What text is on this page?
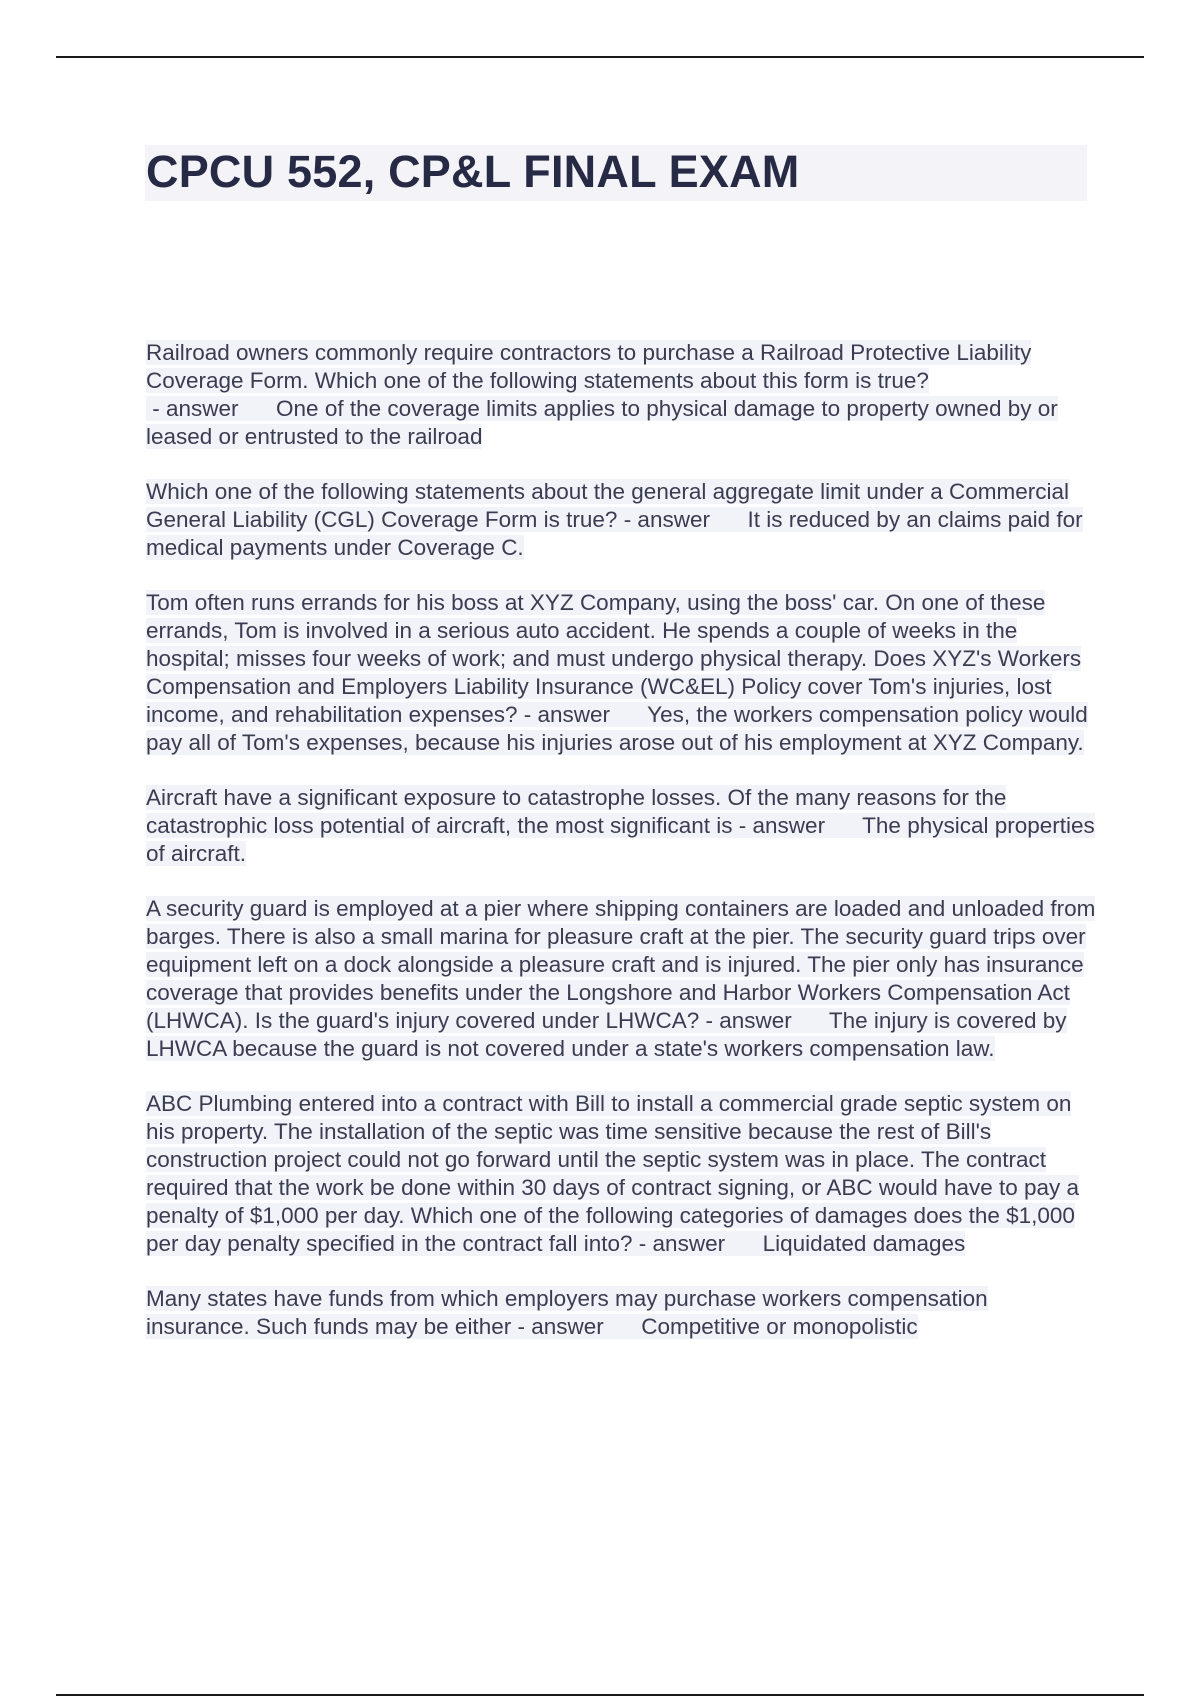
CPCU 552, CP&L FINAL EXAM

Railroad owners commonly require contractors to purchase a Railroad Protective Liability Coverage Form. Which one of the following statements about this form is true? - answer      One of the coverage limits applies to physical damage to property owned by or leased or entrusted to the railroad

Which one of the following statements about the general aggregate limit under a Commercial General Liability (CGL) Coverage Form is true? - answer      It is reduced by an claims paid for medical payments under Coverage C.

Tom often runs errands for his boss at XYZ Company, using the boss' car. On one of these errands, Tom is involved in a serious auto accident. He spends a couple of weeks in the hospital; misses four weeks of work; and must undergo physical therapy. Does XYZ's Workers Compensation and Employers Liability Insurance (WC&EL) Policy cover Tom's injuries, lost income, and rehabilitation expenses? - answer      Yes, the workers compensation policy would pay all of Tom's expenses, because his injuries arose out of his employment at XYZ Company.

Aircraft have a significant exposure to catastrophe losses. Of the many reasons for the catastrophic loss potential of aircraft, the most significant is - answer      The physical properties of aircraft.

A security guard is employed at a pier where shipping containers are loaded and unloaded from barges. There is also a small marina for pleasure craft at the pier. The security guard trips over equipment left on a dock alongside a pleasure craft and is injured. The pier only has insurance coverage that provides benefits under the Longshore and Harbor Workers Compensation Act (LHWCA). Is the guard's injury covered under LHWCA? - answer      The injury is covered by LHWCA because the guard is not covered under a state's workers compensation law.

ABC Plumbing entered into a contract with Bill to install a commercial grade septic system on his property. The installation of the septic was time sensitive because the rest of Bill's construction project could not go forward until the septic system was in place. The contract required that the work be done within 30 days of contract signing, or ABC would have to pay a penalty of $1,000 per day. Which one of the following categories of damages does the $1,000 per day penalty specified in the contract fall into? - answer      Liquidated damages

Many states have funds from which employers may purchase workers compensation insurance. Such funds may be either - answer      Competitive or monopolistic
